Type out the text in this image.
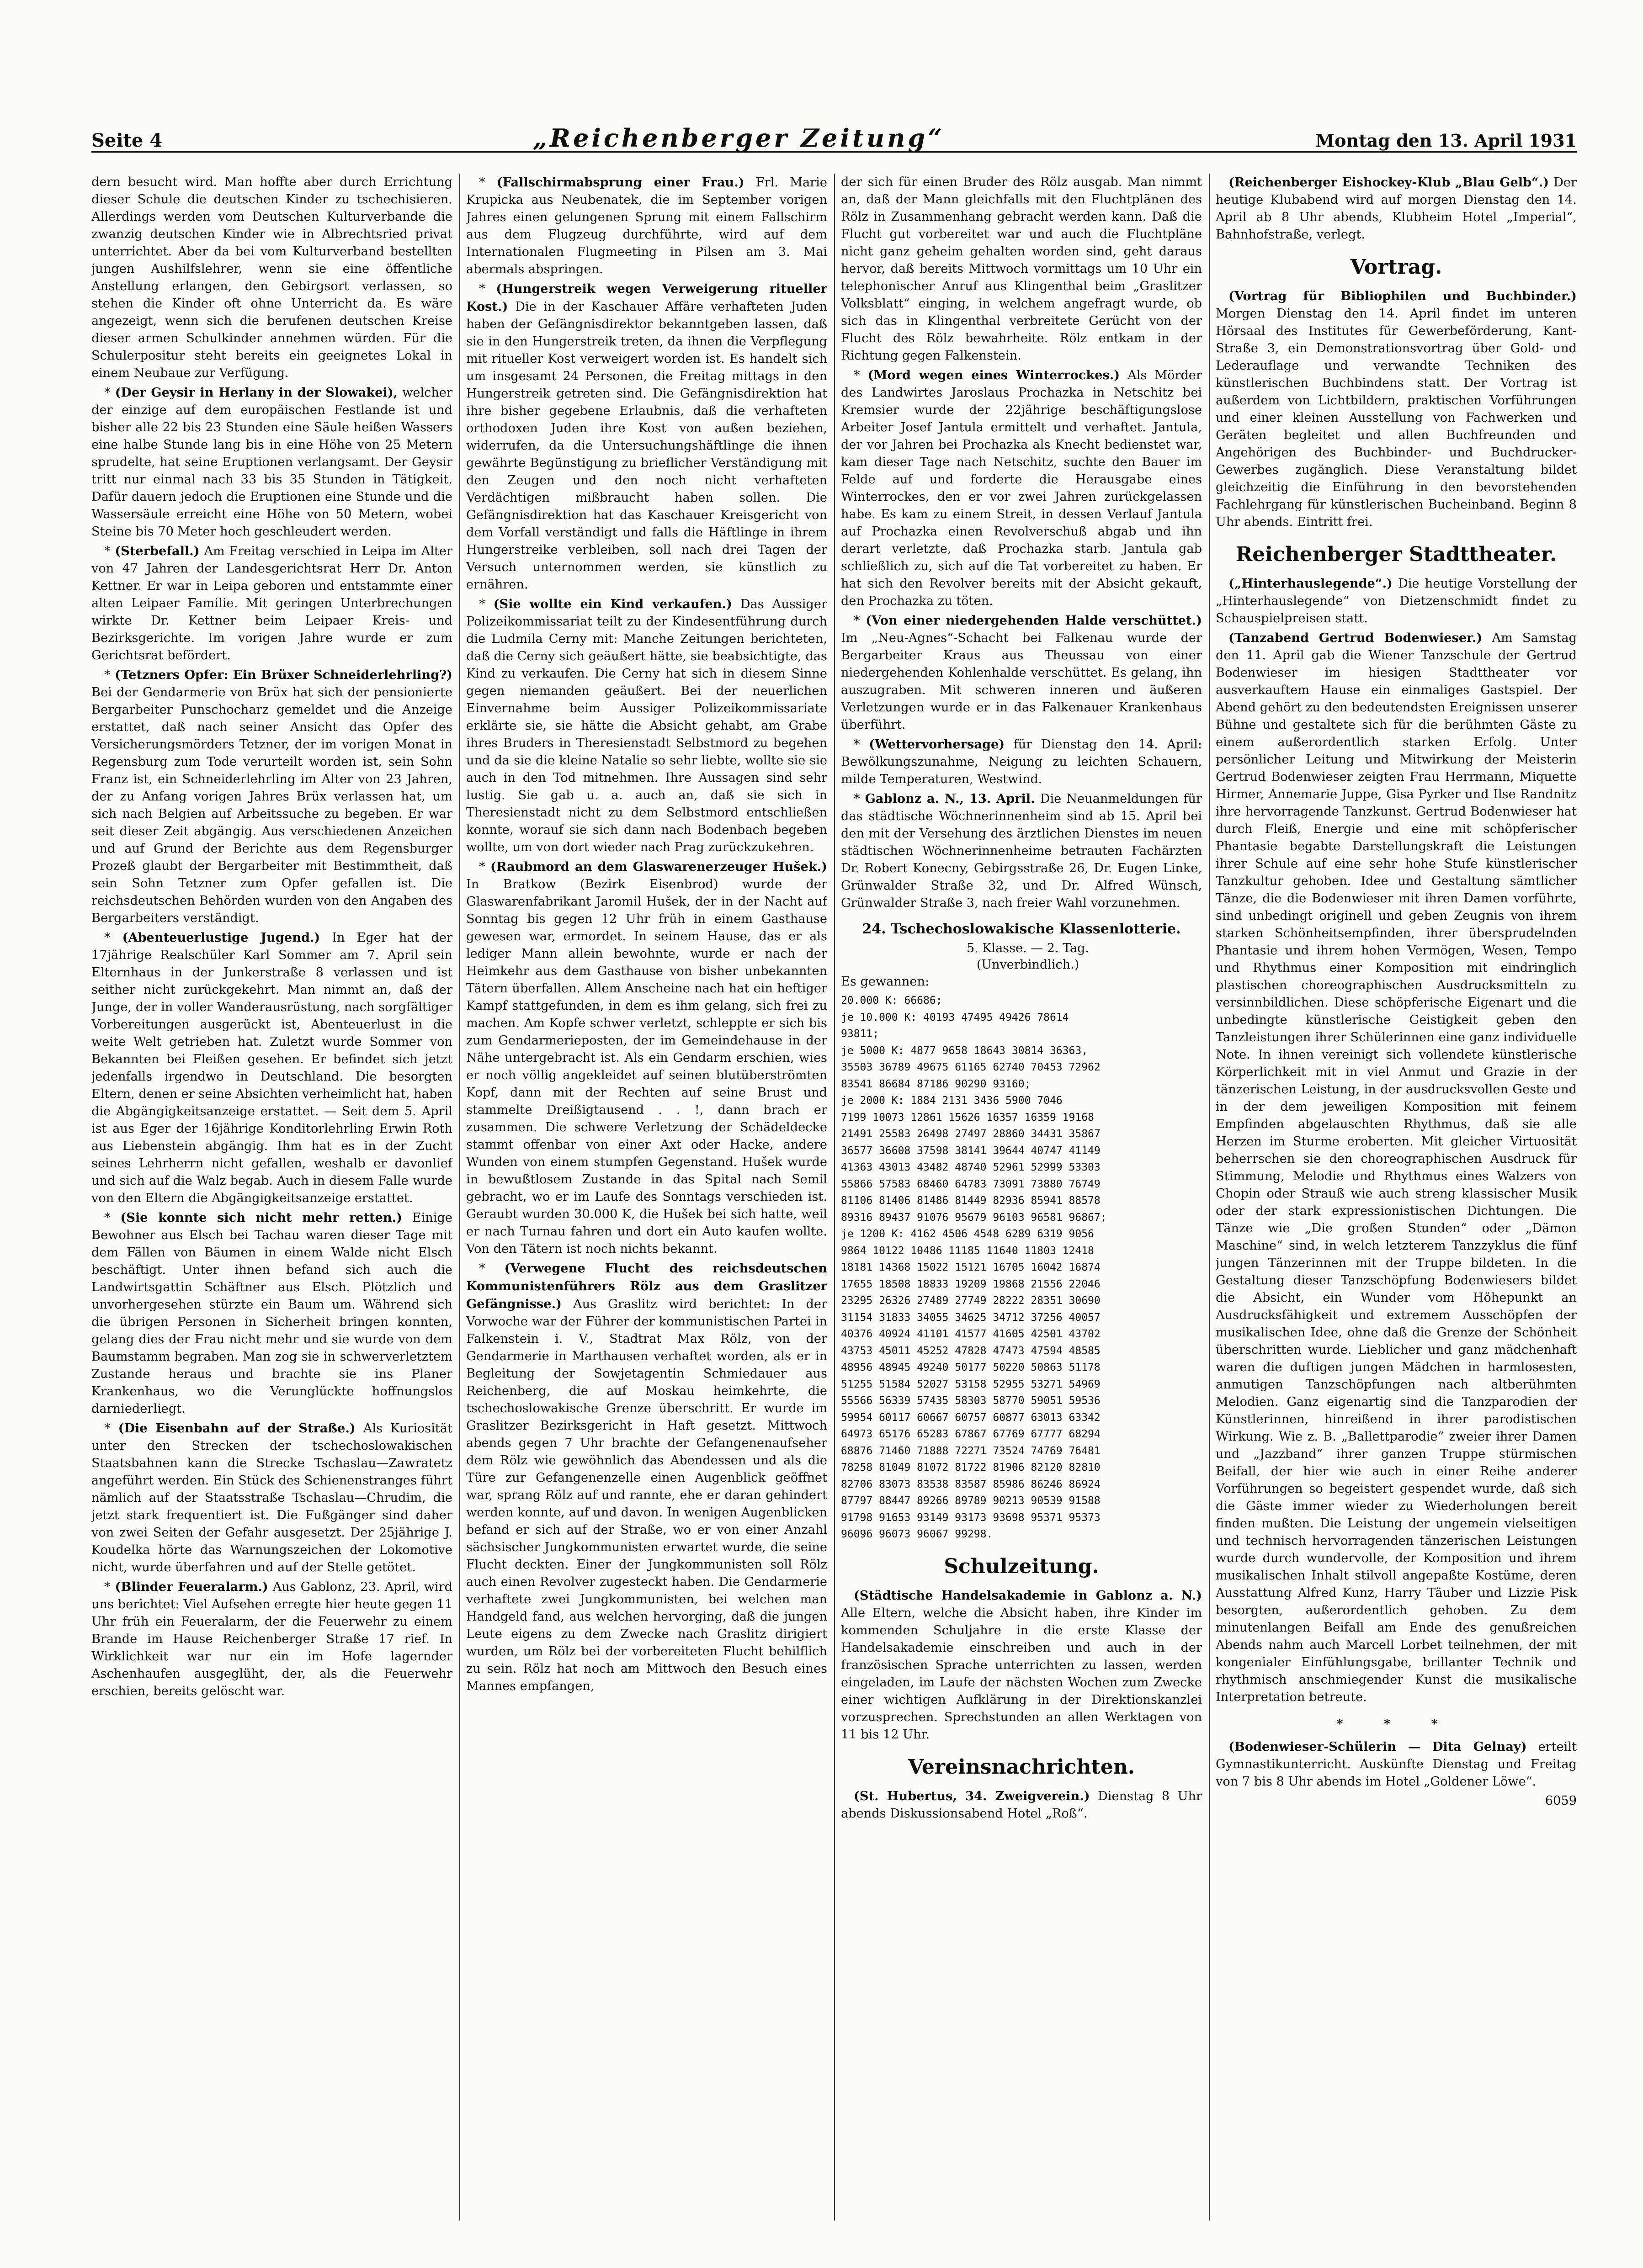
Seite 4	„Reichenberger Zeitung“	Montag den 13. April 1931

dern besucht wird. Man hoffte aber durch Errichtung dieser Schule die deutschen Kinder zu tschechisieren. Allerdings werden vom Deutschen Kulturverbande die zwanzig deutschen Kinder wie in Albrechtsried privat unterrichtet. Aber da bei vom Kulturverband bestellten jungen Aushilfslehrer, wenn sie eine öffentliche Anstellung erlangen, den Gebirgsort verlassen, so stehen die Kinder oft ohne Unterricht da. Es wäre angezeigt, wenn sich die berufenen deutschen Kreise dieser armen Schulkinder annehmen würden. Für die Schulerpositur steht bereits ein geeignetes Lokal in einem Neubaue zur Verfügung.

* (Der Geysir in Herlany in der Slowakei), welcher der einzige auf dem europäischen Festlande ist und bisher alle 22 bis 23 Stunden eine Säule heißen Wassers eine halbe Stunde lang bis in eine Höhe von 25 Metern sprudelte, hat seine Eruptionen verlangsamt. Der Geysir tritt nur einmal nach 33 bis 35 Stunden in Tätigkeit. Dafür dauern jedoch die Eruptionen eine Stunde und die Wassersäule erreicht eine Höhe von 50 Metern, wobei Steine bis 70 Meter hoch geschleudert werden.

* (Sterbefall.) Am Freitag verschied in Leipa im Alter von 47 Jahren der Landesgerichtsrat Herr Dr. Anton Kettner. Er war in Leipa geboren und entstammte einer alten Leipaer Familie. Mit geringen Unterbrechungen wirkte Dr. Kettner beim Leipaer Kreis- und Bezirksgerichte. Im vorigen Jahre wurde er zum Gerichtsrat befördert.

* (Tetzners Opfer: Ein Brüxer Schneiderlehrling?) Bei der Gendarmerie von Brüx hat sich der pensionierte Bergarbeiter Punschocharz gemeldet und die Anzeige erstattet, daß nach seiner Ansicht das Opfer des Versicherungsmörders Tetzner, der im vorigen Monat in Regensburg zum Tode verurteilt worden ist, sein Sohn Franz ist, ein Schneiderlehrling im Alter von 23 Jahren, der zu Anfang vorigen Jahres Brüx verlassen hat, um sich nach Belgien auf Arbeitssuche zu begeben. Er war seit dieser Zeit abgängig. Aus verschiedenen Anzeichen und auf Grund der Berichte aus dem Regensburger Prozeß glaubt der Bergarbeiter mit Bestimmtheit, daß sein Sohn Tetzner zum Opfer gefallen ist. Die reichsdeutschen Behörden wurden von den Angaben des Bergarbeiters verständigt.

* (Abenteuerlustige Jugend.) In Eger hat der 17jährige Realschüler Karl Sommer am 7. April sein Elternhaus in der Junkerstraße 8 verlassen und ist seither nicht zurückgekehrt. Man nimmt an, daß der Junge, der in voller Wanderausrüstung, nach sorgfältiger Vorbereitungen ausgerückt ist, Abenteuerlust in die weite Welt getrieben hat. Zuletzt wurde Sommer von Bekannten bei Fleißen gesehen. Er befindet sich jetzt jedenfalls irgendwo in Deutschland. Die besorgten Eltern, denen er seine Absichten verheimlicht hat, haben die Abgängigkeitsanzeige erstattet. — Seit dem 5. April ist aus Eger der 16jährige Konditorlehrling Erwin Roth aus Liebenstein abgängig. Ihm hat es in der Zucht seines Lehrherrn nicht gefallen, weshalb er davonlief und sich auf die Walz begab. Auch in diesem Falle wurde von den Eltern die Abgängigkeitsanzeige erstattet.

* (Sie konnte sich nicht mehr retten.) Einige Bewohner aus Elsch bei Tachau waren dieser Tage mit dem Fällen von Bäumen in einem Walde nicht Elsch beschäftigt. Unter ihnen befand sich auch die Landwirtsgattin Schäftner aus Elsch. Plötzlich und unvorhergesehen stürzte ein Baum um. Während sich die übrigen Personen in Sicherheit bringen konnten, gelang dies der Frau nicht mehr und sie wurde von dem Baumstamm begraben. Man zog sie in schwerverletztem Zustande heraus und brachte sie ins Planer Krankenhaus, wo die Verunglückte hoffnungslos darniederliegt.

* (Die Eisenbahn auf der Straße.) Als Kuriosität unter den Strecken der tschechoslowakischen Staatsbahnen kann die Strecke Tschaslau—Zawratetz angeführt werden. Ein Stück des Schienenstranges führt nämlich auf der Staatsstraße Tschaslau—Chrudim, die jetzt stark frequentiert ist. Die Fußgänger sind daher von zwei Seiten der Gefahr ausgesetzt. Der 25jährige J. Koudelka hörte das Warnungszeichen der Lokomotive nicht, wurde überfahren und auf der Stelle getötet.

* (Blinder Feueralarm.) Aus Gablonz, 23. April, wird uns berichtet: Viel Aufsehen erregte hier heute gegen 11 Uhr früh ein Feueralarm, der die Feuerwehr zu einem Brande im Hause Reichenberger Straße 17 rief. In Wirklichkeit war nur ein im Hofe lagernder Aschenhaufen ausgeglüht, der, als die Feuerwehr erschien, bereits gelöscht war.

* (Fallschirmabsprung einer Frau.) Frl. Marie Krupicka aus Neubenatek, die im September vorigen Jahres einen gelungenen Sprung mit einem Fallschirm aus dem Flugzeug durchführte, wird auf dem Internationalen Flugmeeting in Pilsen am 3. Mai abermals abspringen.

* (Hungerstreik wegen Verweigerung ritueller Kost.) Die in der Kaschauer Affäre verhafteten Juden haben der Gefängnisdirektor bekanntgeben lassen, daß sie in den Hungerstreik treten, da ihnen die Verpflegung mit ritueller Kost verweigert worden ist. Es handelt sich um insgesamt 24 Personen, die Freitag mittags in den Hungerstreik getreten sind. Die Gefängnisdirektion hat ihre bisher gegebene Erlaubnis, daß die verhafteten orthodoxen Juden ihre Kost von außen beziehen, widerrufen, da die Untersuchungshäftlinge die ihnen gewährte Begünstigung zu brieflicher Verständigung mit den Zeugen und den noch nicht verhafteten Verdächtigen mißbraucht haben sollen. Die Gefängnisdirektion hat das Kaschauer Kreisgericht von dem Vorfall verständigt und falls die Häftlinge in ihrem Hungerstreike verbleiben, soll nach drei Tagen der Versuch unternommen werden, sie künstlich zu ernähren.

* (Sie wollte ein Kind verkaufen.) Das Aussiger Polizeikommissariat teilt zu der Kindesentführung durch die Ludmila Cerny mit: Manche Zeitungen berichteten, daß die Cerny sich geäußert hätte, sie beabsichtigte, das Kind zu verkaufen. Die Cerny hat sich in diesem Sinne gegen niemanden geäußert. Bei der neuerlichen Einvernahme beim Aussiger Polizeikommissariate erklärte sie, sie hätte die Absicht gehabt, am Grabe ihres Bruders in Theresienstadt Selbstmord zu begehen und da sie die kleine Natalie so sehr liebte, wollte sie sie auch in den Tod mitnehmen. Ihre Aussagen sind sehr lustig. Sie gab u. a. auch an, daß sie sich in Theresienstadt nicht zu dem Selbstmord entschließen konnte, worauf sie sich dann nach Bodenbach begeben wollte, um von dort wieder nach Prag zurückzukehren.

* (Raubmord an dem Glaswarenerzeuger Hušek.) In Bratkow (Bezirk Eisenbrod) wurde der Glaswarenfabrikant Jaromil Hušek, der in der Nacht auf Sonntag bis gegen 12 Uhr früh in einem Gasthause gewesen war, ermordet. In seinem Hause, das er als lediger Mann allein bewohnte, wurde er nach der Heimkehr aus dem Gasthause von bisher unbekannten Tätern überfallen. Allem Anscheine nach hat ein heftiger Kampf stattgefunden, in dem es ihm gelang, sich frei zu machen. Am Kopfe schwer verletzt, schleppte er sich bis zum Gendarmerieposten, der im Gemeindehause in der Nähe untergebracht ist. Als ein Gendarm erschien, wies er noch völlig angekleidet auf seinen blutüberströmten Kopf, dann mit der Rechten auf seine Brust und stammelte Dreißigtausend . . !, dann brach er zusammen. Die schwere Verletzung der Schädeldecke stammt offenbar von einer Axt oder Hacke, andere Wunden von einem stumpfen Gegenstand. Hušek wurde in bewußtlosem Zustande in das Spital nach Semil gebracht, wo er im Laufe des Sonntags verschieden ist. Geraubt wurden 30.000 K, die Hušek bei sich hatte, weil er nach Turnau fahren und dort ein Auto kaufen wollte. Von den Tätern ist noch nichts bekannt.

* (Verwegene Flucht des reichsdeutschen Kommunistenführers Rölz aus dem Graslitzer Gefängnisse.) Aus Graslitz wird berichtet: In der Vorwoche war der Führer der kommunistischen Partei in Falkenstein i. V., Stadtrat Max Rölz, von der Gendarmerie in Marthausen verhaftet worden, als er in Begleitung der Sowjetagentin Schmiedauer aus Reichenberg, die auf Moskau heimkehrte, die tschechoslowakische Grenze überschritt. Er wurde im Graslitzer Bezirksgericht in Haft gesetzt. Mittwoch abends gegen 7 Uhr brachte der Gefangenenaufseher dem Rölz wie gewöhnlich das Abendessen und als die Türe zur Gefangenenzelle einen Augenblick geöffnet war, sprang Rölz auf und rannte, ehe er daran gehindert werden konnte, auf und davon. In wenigen Augenblicken befand er sich auf der Straße, wo er von einer Anzahl sächsischer Jungkommunisten erwartet wurde, die seine Flucht deckten. Einer der Jungkommunisten soll Rölz auch einen Revolver zugesteckt haben. Die Gendarmerie verhaftete zwei Jungkommunisten, bei welchen man Handgeld fand, aus welchen hervorging, daß die jungen Leute eigens zu dem Zwecke nach Graslitz dirigiert wurden, um Rölz bei der vorbereiteten Flucht behilflich zu sein. Rölz hat noch am Mittwoch den Besuch eines Mannes empfangen,

der sich für einen Bruder des Rölz ausgab. Man nimmt an, daß der Mann gleichfalls mit den Fluchtplänen des Rölz in Zusammenhang gebracht werden kann. Daß die Flucht gut vorbereitet war und auch die Fluchtpläne nicht ganz geheim gehalten worden sind, geht daraus hervor, daß bereits Mittwoch vormittags um 10 Uhr ein telephonischer Anruf aus Klingenthal beim „Graslitzer Volksblatt“ einging, in welchem angefragt wurde, ob sich das in Klingenthal verbreitete Gerücht von der Flucht des Rölz bewahrheite. Rölz entkam in der Richtung gegen Falkenstein.

* (Mord wegen eines Winterrockes.) Als Mörder des Landwirtes Jaroslaus Prochazka in Netschitz bei Kremsier wurde der 22jährige beschäftigungslose Arbeiter Josef Jantula ermittelt und verhaftet. Jantula, der vor Jahren bei Prochazka als Knecht bedienstet war, kam dieser Tage nach Netschitz, suchte den Bauer im Felde auf und forderte die Herausgabe eines Winterrockes, den er vor zwei Jahren zurückgelassen habe. Es kam zu einem Streit, in dessen Verlauf Jantula auf Prochazka einen Revolverschuß abgab und ihn derart verletzte, daß Prochazka starb. Jantula gab schließlich zu, sich auf die Tat vorbereitet zu haben. Er hat sich den Revolver bereits mit der Absicht gekauft, den Prochazka zu töten.

* (Von einer niedergehenden Halde verschüttet.) Im „Neu-Agnes“-Schacht bei Falkenau wurde der Bergarbeiter Kraus aus Theussau von einer niedergehenden Kohlenhalde verschüttet. Es gelang, ihn auszugraben. Mit schweren inneren und äußeren Verletzungen wurde er in das Falkenauer Krankenhaus überführt.

* (Wettervorhersage) für Dienstag den 14. April: Bewölkungszunahme, Neigung zu leichten Schauern, milde Temperaturen, Westwind.

* Gablonz a. N., 13. April. Die Neuanmeldungen für das städtische Wöchnerinnenheim sind ab 15. April bei den mit der Versehung des ärztlichen Dienstes im neuen städtischen Wöchnerinnenheime betrauten Fachärzten Dr. Robert Konecny, Gebirgsstraße 26, Dr. Eugen Linke, Grünwalder Straße 32, und Dr. Alfred Wünsch, Grünwalder Straße 3, nach freier Wahl vorzunehmen.

24. Tschechoslowakische Klassenlotterie.

5. Klasse. — 2. Tag.

(Unverbindlich.)

Es gewannen:

20.000 K: 66686;
je 10.000 K: 40193 47495 49426 78614
93811;
je 5000 K: 4877 9658 18643 30814 36363,
35503 36789 49675 61165 62740 70453 72962
83541 86684 87186 90290 93160;
je 2000 K: 1884 2131 3436 5900 7046
7199 10073 12861 15626 16357 16359 19168
21491 25583 26498 27497 28860 34431 35867
36577 36608 37598 38141 39644 40747 41149
41363 43013 43482 48740 52961 52999 53303
55866 57583 68460 64783 73091 73880 76749
81106 81406 81486 81449 82936 85941 88578
89316 89437 91076 95679 96103 96581 96867;
je 1200 K: 4162 4506 4548 6289 6319 9056
9864 10122 10486 11185 11640 11803 12418
18181 14368 15022 15121 16705 16042 16874
17655 18508 18833 19209 19868 21556 22046
23295 26326 27489 27749 28222 28351 30690
31154 31833 34055 34625 34712 37256 40057
40376 40924 41101 41577 41605 42501 43702
43753 45011 45252 47828 47473 47594 48585
48956 48945 49240 50177 50220 50863 51178
51255 51584 52027 53158 52955 53271 54969
55566 56339 57435 58303 58770 59051 59536
59954 60117 60667 60757 60877 63013 63342
64973 65176 65283 67867 67769 67777 68294
68876 71460 71888 72271 73524 74769 76481
78258 81049 81072 81722 81906 82120 82810
82706 83073 83538 83587 85986 86246 86924
87797 88447 89266 89789 90213 90539 91588
91798 91653 93149 93173 93698 95371 95373
96096 96073 96067 99298.
Schulzeitung.

(Städtische Handelsakademie in Gablonz a. N.) Alle Eltern, welche die Absicht haben, ihre Kinder im kommenden Schuljahre in die erste Klasse der Handelsakademie einschreiben und auch in der französischen Sprache unterrichten zu lassen, werden eingeladen, im Laufe der nächsten Wochen zum Zwecke einer wichtigen Aufklärung in der Direktionskanzlei vorzusprechen. Sprechstunden an allen Werktagen von 11 bis 12 Uhr.

Vereinsnachrichten.

(St. Hubertus, 34. Zweigverein.) Dienstag 8 Uhr abends Diskussionsabend Hotel „Roß“.

(Reichenberger Eishockey-Klub „Blau Gelb“.) Der heutige Klubabend wird auf morgen Dienstag den 14. April ab 8 Uhr abends, Klubheim Hotel „Imperial“, Bahnhofstraße, verlegt.

Vortrag.

(Vortrag für Bibliophilen und Buchbinder.) Morgen Dienstag den 14. April findet im unteren Hörsaal des Institutes für Gewerbeförderung, Kant-Straße 3, ein Demonstrationsvortrag über Gold- und Lederauflage und verwandte Techniken des künstlerischen Buchbindens statt. Der Vortrag ist außerdem von Lichtbildern, praktischen Vorführungen und einer kleinen Ausstellung von Fachwerken und Geräten begleitet und allen Buchfreunden und Angehörigen des Buchbinder- und Buchdrucker-Gewerbes zugänglich. Diese Veranstaltung bildet gleichzeitig die Einführung in den bevorstehenden Fachlehrgang für künstlerischen Bucheinband. Beginn 8 Uhr abends. Eintritt frei.

Reichenberger Stadttheater.

(„Hinterhauslegende“.) Die heutige Vorstellung der „Hinterhauslegende“ von Dietzenschmidt findet zu Schauspielpreisen statt.

(Tanzabend Gertrud Bodenwieser.) Am Samstag den 11. April gab die Wiener Tanzschule der Gertrud Bodenwieser im hiesigen Stadttheater vor ausverkauftem Hause ein einmaliges Gastspiel. Der Abend gehört zu den bedeutendsten Ereignissen unserer Bühne und gestaltete sich für die berühmten Gäste zu einem außerordentlich starken Erfolg. Unter persönlicher Leitung und Mitwirkung der Meisterin Gertrud Bodenwieser zeigten Frau Herrmann, Miquette Hirmer, Annemarie Juppe, Gisa Pyrker und Ilse Randnitz ihre hervorragende Tanzkunst. Gertrud Bodenwieser hat durch Fleiß, Energie und eine mit schöpferischer Phantasie begabte Darstellungskraft die Leistungen ihrer Schule auf eine sehr hohe Stufe künstlerischer Tanzkultur gehoben. Idee und Gestaltung sämtlicher Tänze, die die Bodenwieser mit ihren Damen vorführte, sind unbedingt originell und geben Zeugnis von ihrem starken Schönheitsempfinden, ihrer übersprudelnden Phantasie und ihrem hohen Vermögen, Wesen, Tempo und Rhythmus einer Komposition mit eindringlich plastischen choreographischen Ausdrucksmitteln zu versinnbildlichen. Diese schöpferische Eigenart und die unbedingte künstlerische Geistigkeit geben den Tanzleistungen ihrer Schülerinnen eine ganz individuelle Note. In ihnen vereinigt sich vollendete künstlerische Körperlichkeit mit in viel Anmut und Grazie in der tänzerischen Leistung, in der ausdrucksvollen Geste und in der dem jeweiligen Komposition mit feinem Empfinden abgelauschten Rhythmus, daß sie alle Herzen im Sturme eroberten. Mit gleicher Virtuosität beherrschen sie den choreographischen Ausdruck für Stimmung, Melodie und Rhythmus eines Walzers von Chopin oder Strauß wie auch streng klassischer Musik oder der stark expressionistischen Dichtungen. Die Tänze wie „Die großen Stunden“ oder „Dämon Maschine“ sind, in welch letzterem Tanzzyklus die fünf jungen Tänzerinnen mit der Truppe bildeten. In die Gestaltung dieser Tanzschöpfung Bodenwiesers bildet die Absicht, ein Wunder vom Höhepunkt an Ausdrucksfähigkeit und extremem Ausschöpfen der musikalischen Idee, ohne daß die Grenze der Schönheit überschritten wurde. Lieblicher und ganz mädchenhaft waren die duftigen jungen Mädchen in harmlosesten, anmutigen Tanzschöpfungen nach altberühmten Melodien. Ganz eigenartig sind die Tanzparodien der Künstlerinnen, hinreißend in ihrer parodistischen Wirkung. Wie z. B. „Ballettparodie“ zweier ihrer Damen und „Jazzband“ ihrer ganzen Truppe stürmischen Beifall, der hier wie auch in einer Reihe anderer Vorführungen so begeistert gespendet wurde, daß sich die Gäste immer wieder zu Wiederholungen bereit finden mußten. Die Leistung der ungemein vielseitigen und technisch hervorragenden tänzerischen Leistungen wurde durch wundervolle, der Komposition und ihrem musikalischen Inhalt stilvoll angepaßte Kostüme, deren Ausstattung Alfred Kunz, Harry Täuber und Lizzie Pisk besorgten, außerordentlich gehoben. Zu dem minutenlangen Beifall am Ende des genußreichen Abends nahm auch Marcell Lorbet teilnehmen, der mit kongenialer Einfühlungsgabe, brillanter Technik und rhythmisch anschmiegender Kunst die musikalische Interpretation betreute.

* * *

(Bodenwieser-Schülerin — Dita Gelnay) erteilt Gymnastikunterricht. Auskünfte Dienstag und Freitag von 7 bis 8 Uhr abends im Hotel „Goldener Löwe“.

6059
